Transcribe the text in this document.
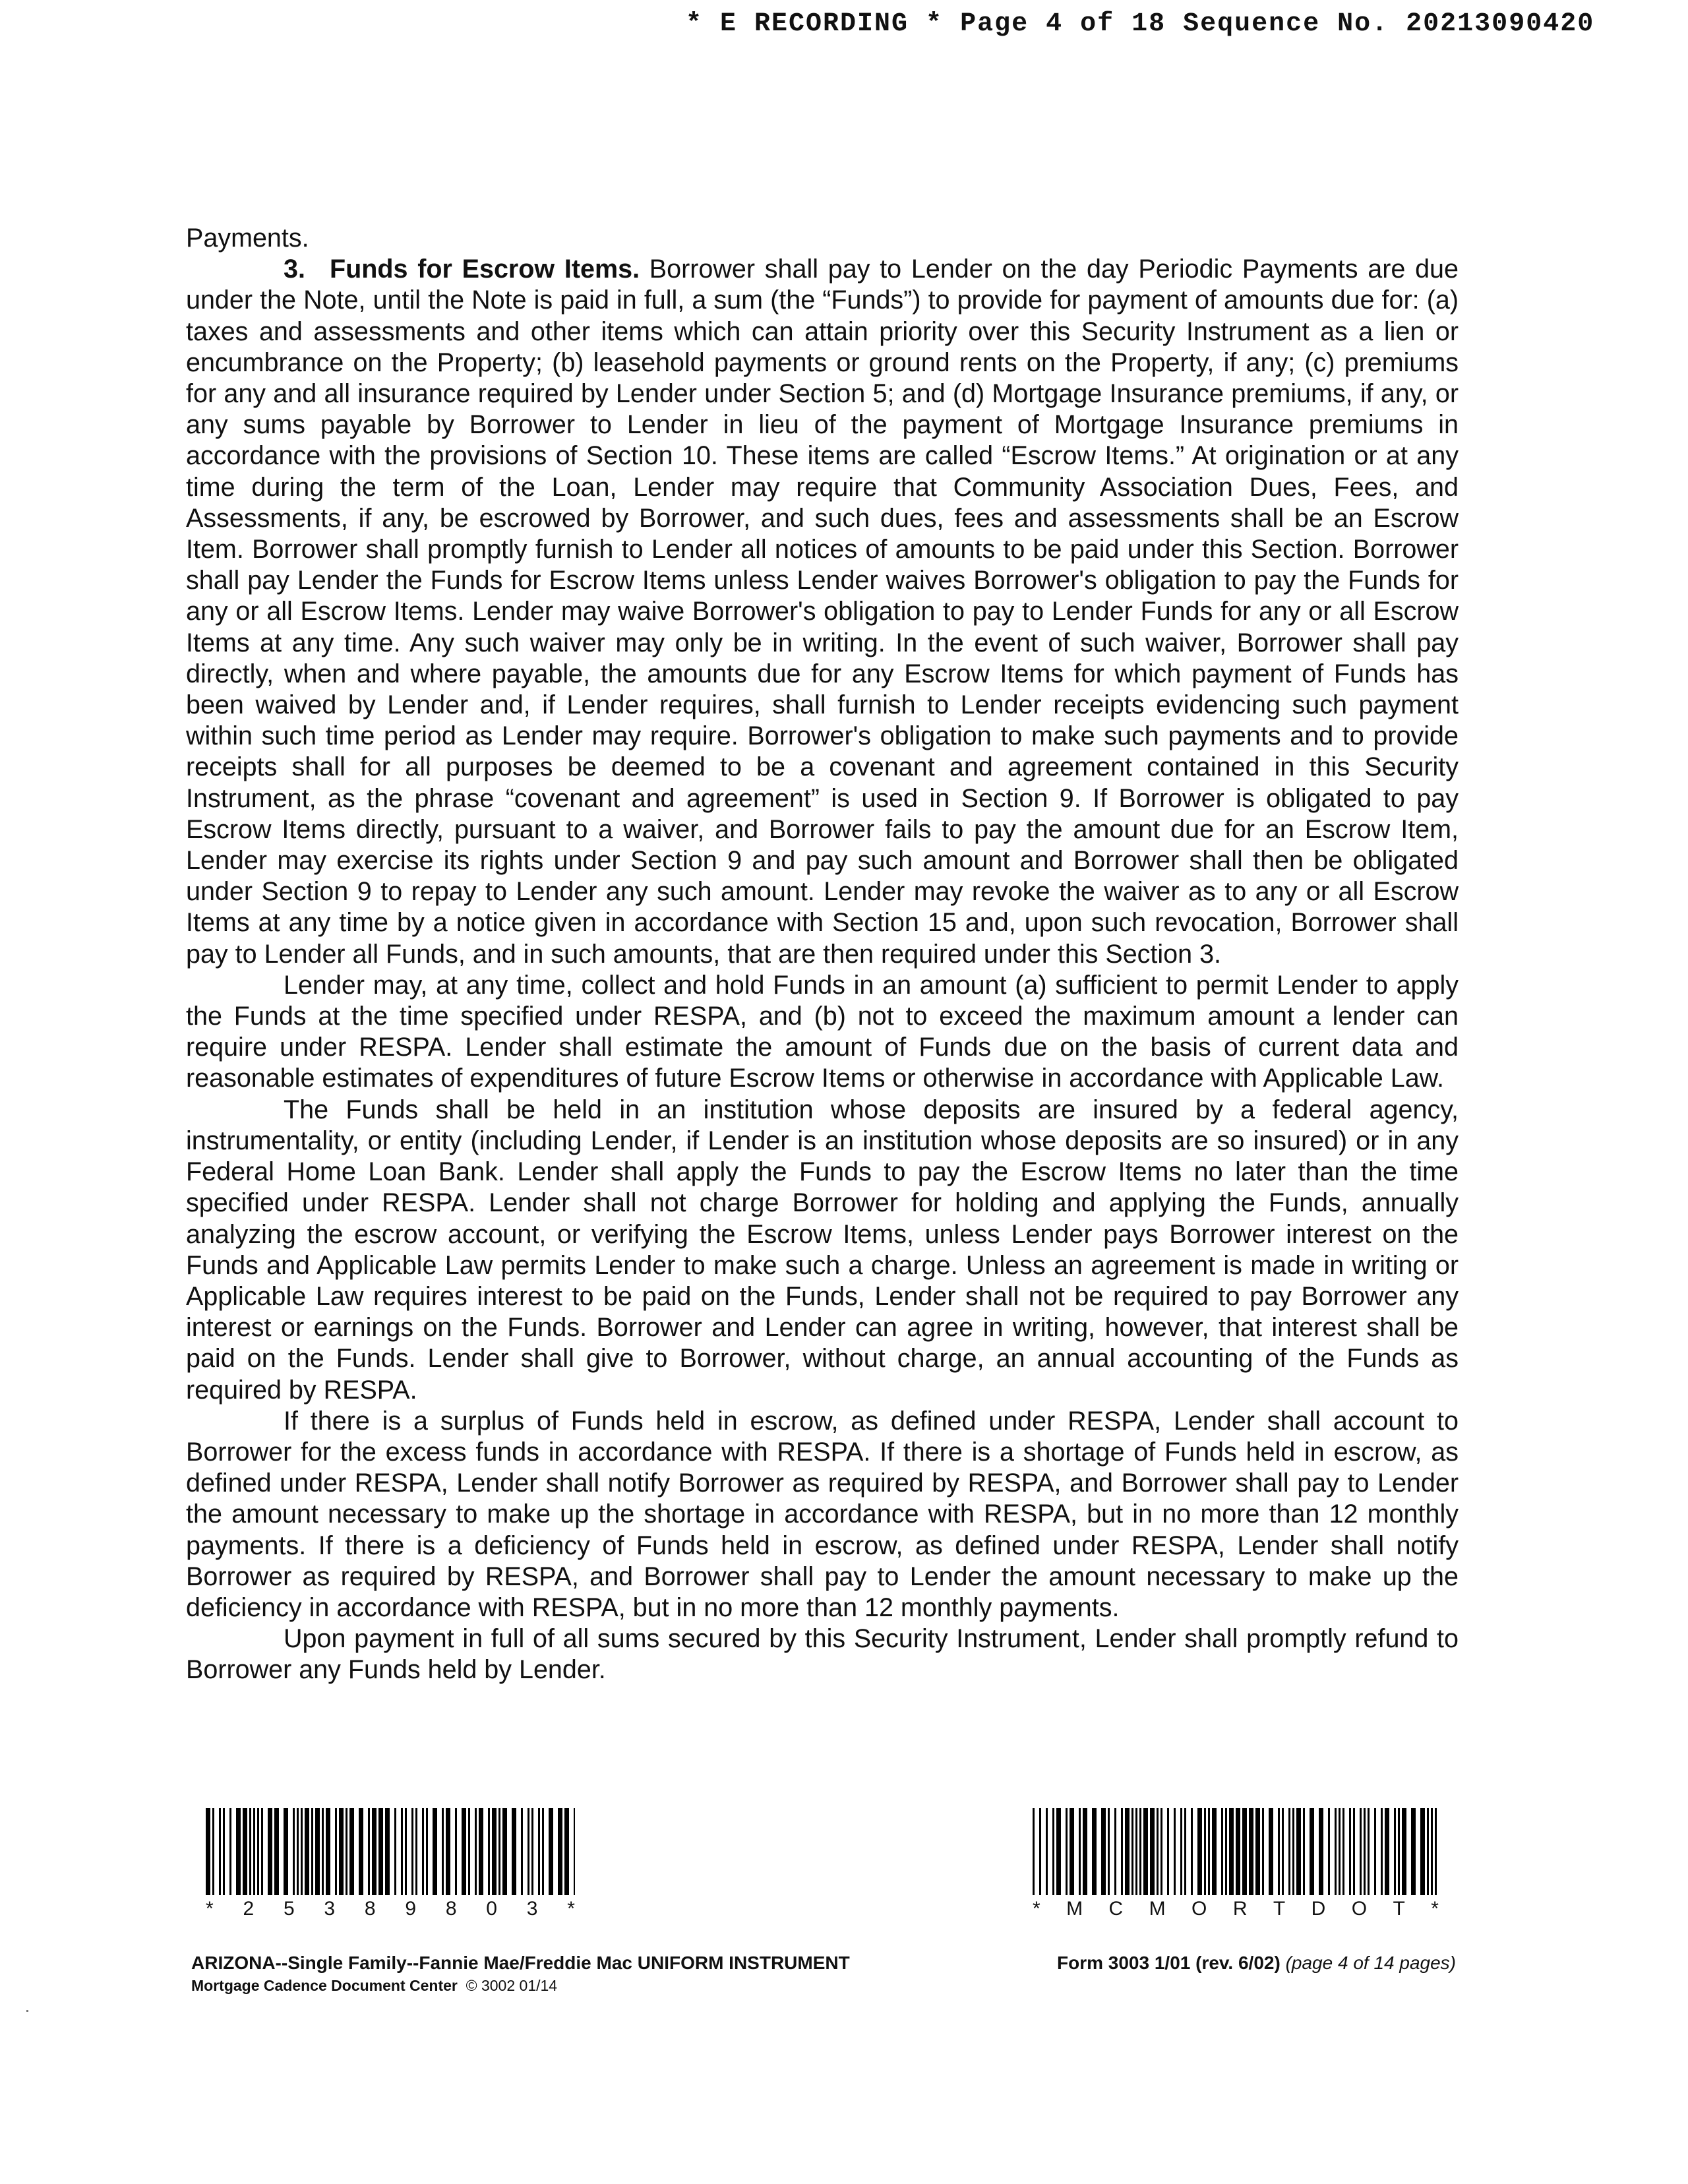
* E RECORDING * Page 4 of 18 Sequence No. 20213090420

Payments.

3. Funds for Escrow Items. Borrower shall pay to Lender on the day Periodic Payments are due under the Note, until the Note is paid in full, a sum (the “Funds”) to provide for payment of amounts due for: (a) taxes and assessments and other items which can attain priority over this Security Instrument as a lien or encumbrance on the Property; (b) leasehold payments or ground rents on the Property, if any; (c) premiums for any and all insurance required by Lender under Section 5; and (d) Mortgage Insurance premiums, if any, or any sums payable by Borrower to Lender in lieu of the payment of Mortgage Insurance premiums in accordance with the provisions of Section 10. These items are called “Escrow Items.” At origination or at any time during the term of the Loan, Lender may require that Community Association Dues, Fees, and Assessments, if any, be escrowed by Borrower, and such dues, fees and assessments shall be an Escrow Item. Borrower shall promptly furnish to Lender all notices of amounts to be paid under this Section. Borrower shall pay Lender the Funds for Escrow Items unless Lender waives Borrower's obligation to pay the Funds for any or all Escrow Items. Lender may waive Borrower's obligation to pay to Lender Funds for any or all Escrow Items at any time. Any such waiver may only be in writing. In the event of such waiver, Borrower shall pay directly, when and where payable, the amounts due for any Escrow Items for which payment of Funds has been waived by Lender and, if Lender requires, shall furnish to Lender receipts evidencing such payment within such time period as Lender may require. Borrower's obligation to make such payments and to provide receipts shall for all purposes be deemed to be a covenant and agreement contained in this Security Instrument, as the phrase “covenant and agreement” is used in Section 9. If Borrower is obligated to pay Escrow Items directly, pursuant to a waiver, and Borrower fails to pay the amount due for an Escrow Item, Lender may exercise its rights under Section 9 and pay such amount and Borrower shall then be obligated under Section 9 to repay to Lender any such amount. Lender may revoke the waiver as to any or all Escrow Items at any time by a notice given in accordance with Section 15 and, upon such revocation, Borrower shall pay to Lender all Funds, and in such amounts, that are then required under this Section 3.

Lender may, at any time, collect and hold Funds in an amount (a) sufficient to permit Lender to apply the Funds at the time specified under RESPA, and (b) not to exceed the maximum amount a lender can require under RESPA. Lender shall estimate the amount of Funds due on the basis of current data and reasonable estimates of expenditures of future Escrow Items or otherwise in accordance with Applicable Law.

The Funds shall be held in an institution whose deposits are insured by a federal agency, instrumentality, or entity (including Lender, if Lender is an institution whose deposits are so insured) or in any Federal Home Loan Bank. Lender shall apply the Funds to pay the Escrow Items no later than the time specified under RESPA. Lender shall not charge Borrower for holding and applying the Funds, annually analyzing the escrow account, or verifying the Escrow Items, unless Lender pays Borrower interest on the Funds and Applicable Law permits Lender to make such a charge. Unless an agreement is made in writing or Applicable Law requires interest to be paid on the Funds, Lender shall not be required to pay Borrower any interest or earnings on the Funds. Borrower and Lender can agree in writing, however, that interest shall be paid on the Funds. Lender shall give to Borrower, without charge, an annual accounting of the Funds as required by RESPA.

If there is a surplus of Funds held in escrow, as defined under RESPA, Lender shall account to Borrower for the excess funds in accordance with RESPA. If there is a shortage of Funds held in escrow, as defined under RESPA, Lender shall notify Borrower as required by RESPA, and Borrower shall pay to Lender the amount necessary to make up the shortage in accordance with RESPA, but in no more than 12 monthly payments. If there is a deficiency of Funds held in escrow, as defined under RESPA, Lender shall notify Borrower as required by RESPA, and Borrower shall pay to Lender the amount necessary to make up the deficiency in accordance with RESPA, but in no more than 12 monthly payments.

Upon payment in full of all sums secured by this Security Instrument, Lender shall promptly refund to Borrower any Funds held by Lender.

* 2 5 3 8 9 8 0 3 *	* M C M O R T D O T *
ARIZONA--Single Family--Fannie Mae/Freddie Mac UNIFORM INSTRUMENT
Mortgage Cadence Document Center © 3002 01/14
Form 3003 1/01 (rev. 6/02) (page 4 of 14 pages)
